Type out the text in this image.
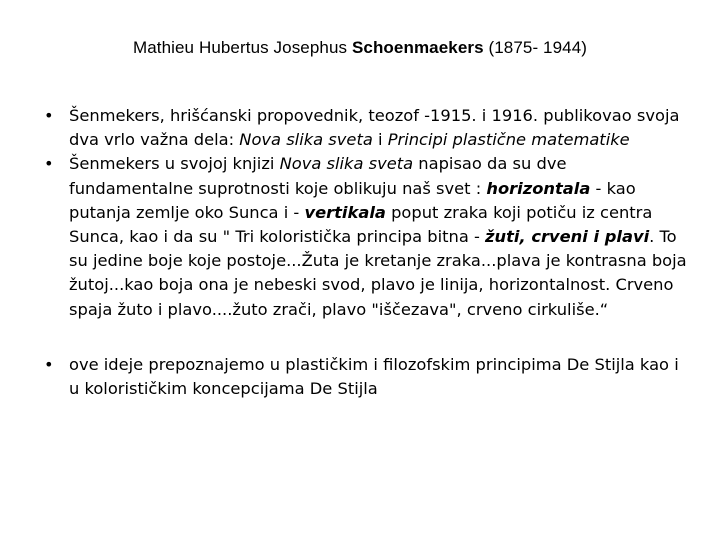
Mathieu Hubertus Josephus Schoenmaekers (1875- 1944)
• Šenmekers, hrišćanski propovednik, teozof -1915. i 1916. publikovao svoja dva vrlo važna dela: Nova slika sveta i Principi plastične matematike
• Šenmekers u svojoj knjizi Nova slika sveta napisao da su dve fundamentalne suprotnosti koje oblikuju naš svet : horizontala - kao putanja zemlje oko Sunca i - vertikala poput zraka koji potiču iz centra Sunca, kao i da su " Tri koloristička principa bitna - žuti, crveni i plavi. To su jedine boje koje postoje...Žuta je kretanje zraka...plava je kontrasna boja žutoj...kao boja ona je nebeski svod, plavo je linija, horizontalnost. Crveno spaja žuto i plavo....žuto zrači, plavo "iščezava", crveno cirkuliše.“
• ove ideje prepoznajemo u plastičkim i filozofskim principima De Stijla kao i u kolorističkim koncepcijama De Stijla
